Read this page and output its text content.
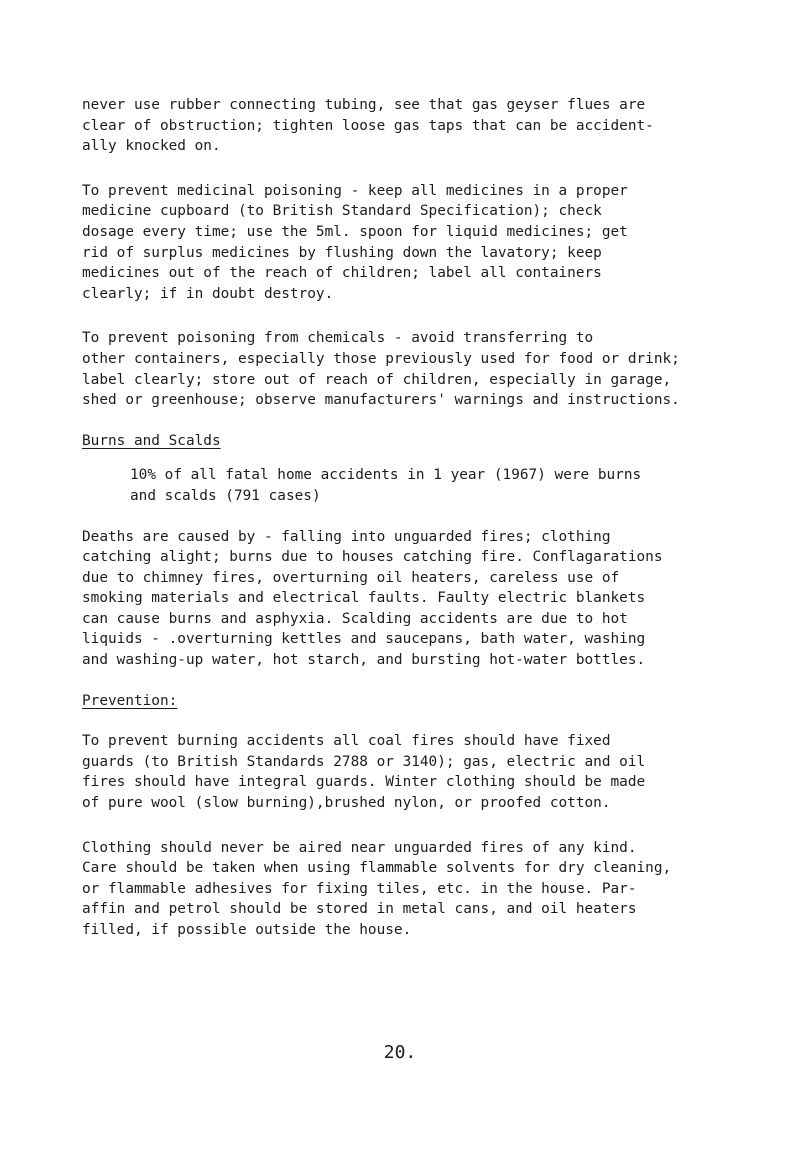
never use rubber connecting tubing, see that gas geyser flues are
clear of obstruction; tighten loose gas taps that can be accident-
ally knocked on.

To prevent medicinal poisoning - keep all medicines in a proper
medicine cupboard (to British Standard Specification); check
dosage every time; use the 5ml. spoon for liquid medicines; get
rid of surplus medicines by flushing down the lavatory; keep
medicines out of the reach of children; label all containers
clearly; if in doubt destroy.

To prevent poisoning from chemicals - avoid transferring to
other containers, especially those previously used for food or drink;
label clearly; store out of reach of children, especially in garage,
shed or greenhouse; observe manufacturers' warnings and instructions.

Burns and Scalds

10% of all fatal home accidents in 1 year (1967) were burns
and scalds (791 cases)

Deaths are caused by - falling into unguarded fires; clothing
catching alight; burns due to houses catching fire. Conflagarations
due to chimney fires, overturning oil heaters, careless use of
smoking materials and electrical faults. Faulty electric blankets
can cause burns and asphyxia. Scalding accidents are due to hot
liquids - .overturning kettles and saucepans, bath water, washing
and washing-up water, hot starch, and bursting hot-water bottles.

Prevention:

To prevent burning accidents all coal fires should have fixed
guards (to British Standards 2788 or 3140); gas, electric and oil
fires should have integral guards. Winter clothing should be made
of pure wool (slow burning),brushed nylon, or proofed cotton.

Clothing should never be aired near unguarded fires of any kind.
Care should be taken when using flammable solvents for dry cleaning,
or flammable adhesives for fixing tiles, etc. in the house. Par-
affin and petrol should be stored in metal cans, and oil heaters
filled, if possible outside the house.

20.
